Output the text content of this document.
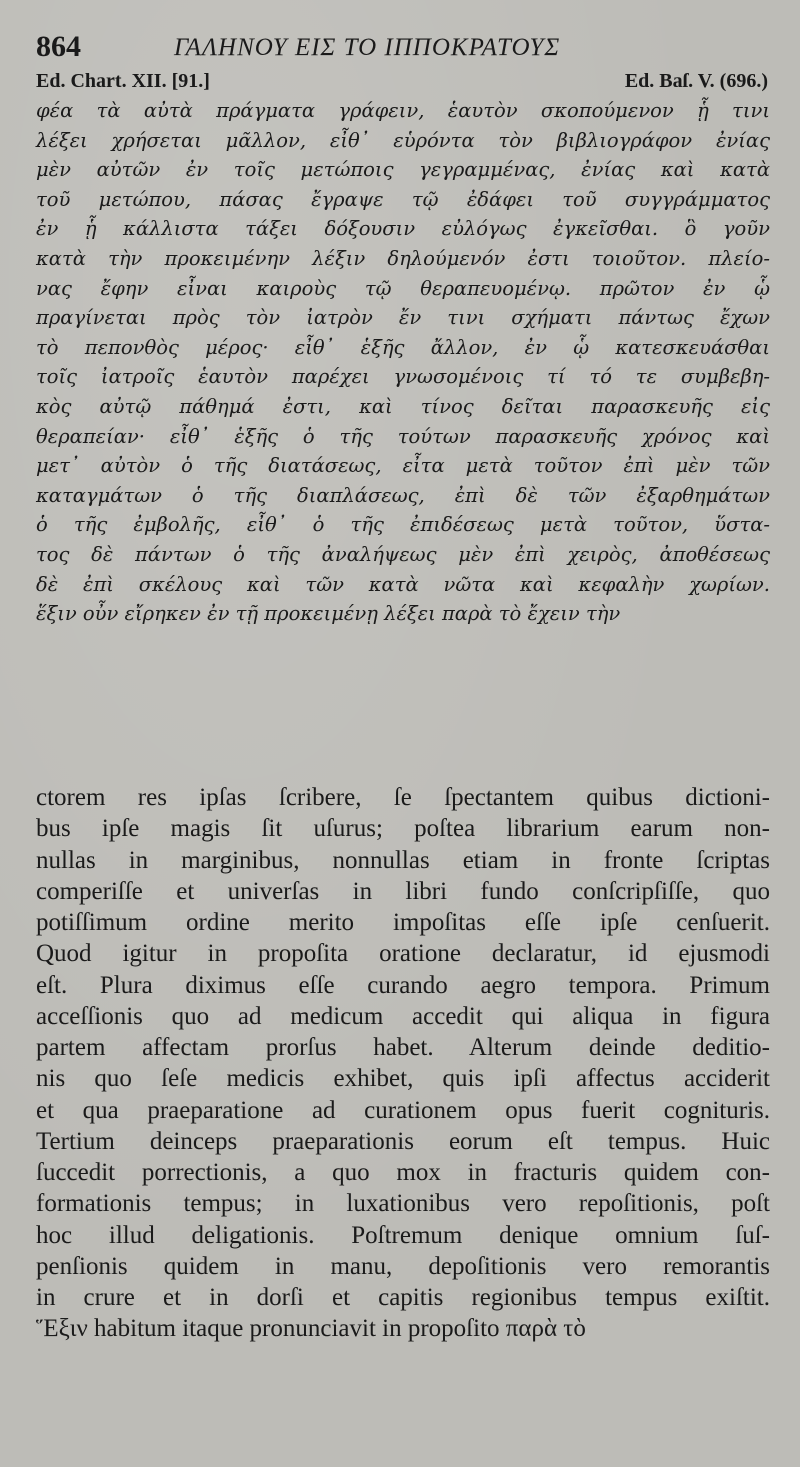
864	ΓΑΛΗΝΟΥ ΕΙΣ ΤΟ ΙΠΠΟΚΡΑΤΟΥΣ
Ed. Chart. XII. [91.]	Ed. Baſ. V. (696.)
φέα τὰ αὐτὰ πράγματα γράφειν, ἑαυτὸν σκοπούμενον ᾗ τινι
λέξει χρήσεται μᾶλλον, εἶθ᾽ εὑρόντα τὸν βιβλιογράφον ἐνίας
μὲν αὐτῶν ἐν τοῖς μετώποις γεγραμμένας, ἐνίας καὶ κατὰ
τοῦ μετώπου, πάσας ἔγραψε τῷ ἐδάφει τοῦ συγγράμματος
ἐν ᾗ κάλλιστα τάξει δόξουσιν εὐλόγως ἐγκεῖσθαι. ὃ γοῦν
κατὰ τὴν προκειμένην λέξιν δηλούμενόν ἐστι τοιοῦτον. πλείο-
νας ἔφην εἶναι καιροὺς τῷ θεραπευομένῳ. πρῶτον ἐν ᾧ
πραγίνεται πρὸς τὸν ἰατρὸν ἔν τινι σχήματι πάντως ἔχων
τὸ πεπονθὸς μέρος· εἶθ᾽ ἑξῆς ἄλλον, ἐν ᾧ κατεσκευάσθαι
τοῖς ἰατροῖς ἑαυτὸν παρέχει γνωσομένοις τί τό τε συμβεβη-
κὸς αὐτῷ πάθημά ἐστι, καὶ τίνος δεῖται παρασκευῆς εἰς
θεραπείαν· εἶθ᾽ ἑξῆς ὁ τῆς τούτων παρασκευῆς χρόνος καὶ
μετ᾽ αὐτὸν ὁ τῆς διατάσεως, εἶτα μετὰ τοῦτον ἐπὶ μὲν τῶν
καταγμάτων ὁ τῆς διαπλάσεως, ἐπὶ δὲ τῶν ἐξαρθημάτων
ὁ τῆς ἐμβολῆς, εἶθ᾽ ὁ τῆς ἐπιδέσεως μετὰ τοῦτον, ὕστα-
τος δὲ πάντων ὁ τῆς ἀναλήψεως μὲν ἐπὶ χειρὸς, ἀποθέσεως
δὲ ἐπὶ σκέλους καὶ τῶν κατὰ νῶτα καὶ κεφαλὴν χωρίων.
ἕξιν οὖν εἴρηκεν ἐν τῇ προκειμένῃ λέξει παρὰ τὸ ἔχειν τὴν
ctorem res ipſas ſcribere, ſe ſpectantem quibus dictioni-
bus ipſe magis ſit uſurus; poſtea librarium earum non-
nullas in marginibus, nonnullas etiam in fronte ſcriptas
comperiſſe et univerſas in libri fundo conſcripſiſſe, quo
potiſſimum ordine merito impoſitas eſſe ipſe cenſuerit.
Quod igitur in propoſita oratione declaratur, id ejusmodi
eſt. Plura diximus eſſe curando aegro tempora. Primum
acceſſionis quo ad medicum accedit qui aliqua in figura
partem affectam prorſus habet. Alterum deinde deditio-
nis quo ſeſe medicis exhibet, quis ipſi affectus acciderit
et qua praeparatione ad curationem opus fuerit cognituris.
Tertium deinceps praeparationis eorum eſt tempus. Huic
ſuccedit porrectionis, a quo mox in fracturis quidem con-
formationis tempus; in luxationibus vero repoſitionis, poſt
hoc illud deligationis. Poſtremum denique omnium ſuſ-
penſionis quidem in manu, depoſitionis vero remorantis
in crure et in dorſi et capitis regionibus tempus exiſtit.
Ἕξιν habitum itaque pronunciavit in propoſito παρὰ τὸ
